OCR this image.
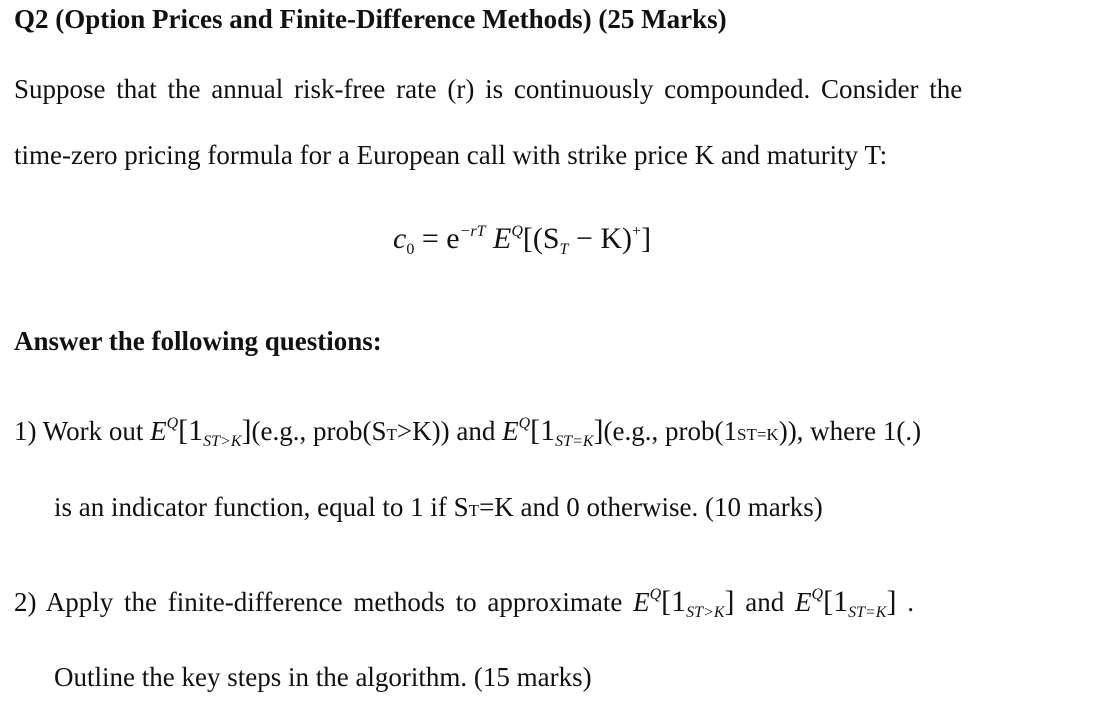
Q2 (Option Prices and Finite-Difference Methods) (25 Marks)
Suppose that the annual risk-free rate (r) is continuously compounded. Consider the
time-zero pricing formula for a European call with strike price K and maturity T:
$c_0 = e^{-rT}$ $E^Q[(S_T - K)^+]$
Answer the following questions:
1) Work out $E^Q[1_{ST>K}](e.g$., prob(ST>K)) and $E^Q[1_{ST=K}](e.g$., prob(1ST=K)), where 1(.)
is an indicator function, equal to 1 if ST=K and 0 otherwise. (10 marks)
2) Apply the finite-difference methods to approximate $E^Q[1_{ST>K}]$ and $E^Q[1_{ST=K}]$ .
Outline the key steps in the algorithm. (15 marks)
